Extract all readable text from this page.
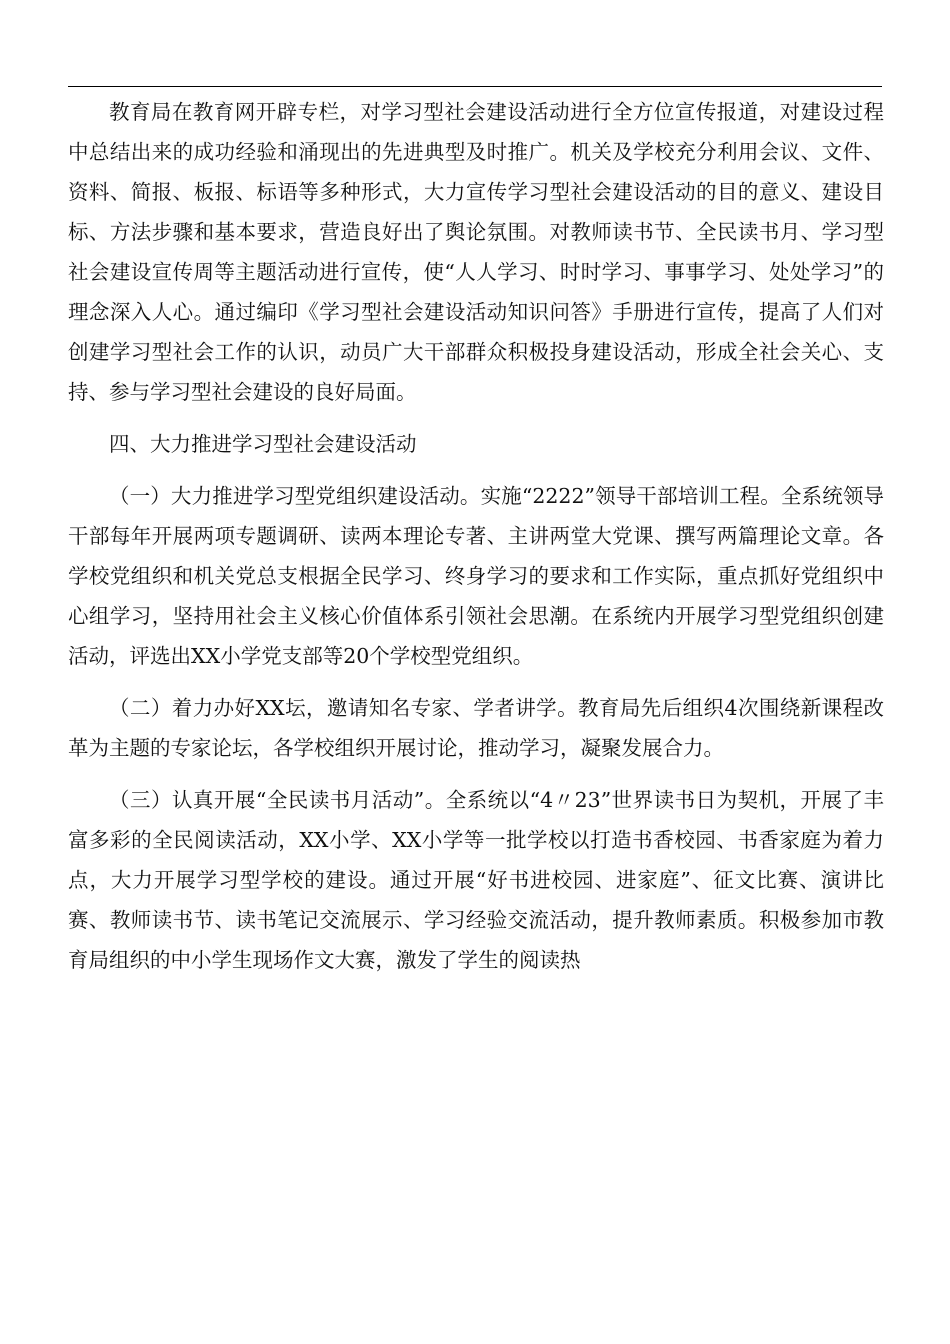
教育局在教育网开辟专栏，对学习型社会建设活动进行全方位宣传报道，对建设过程中总结出来的成功经验和涌现出的先进典型及时推广。机关及学校充分利用会议、文件、资料、简报、板报、标语等多种形式，大力宣传学习型社会建设活动的目的意义、建设目标、方法步骤和基本要求，营造良好出了舆论氛围。对教师读书节、全民读书月、学习型社会建设宣传周等主题活动进行宣传，使“人人学习、时时学习、事事学习、处处学习”的理念深入人心。通过编印《学习型社会建设活动知识问答》手册进行宣传，提高了人们对创建学习型社会工作的认识，动员广大干部群众积极投身建设活动，形成全社会关心、支持、参与学习型社会建设的良好局面。

四、大力推进学习型社会建设活动

（一）大力推进学习型党组织建设活动。实施“2222”领导干部培训工程。全系统领导干部每年开展两项专题调研、读两本理论专著、主讲两堂大党课、撰写两篇理论文章。各学校党组织和机关党总支根据全民学习、终身学习的要求和工作实际，重点抓好党组织中心组学习，坚持用社会主义核心价值体系引领社会思潮。在系统内开展学习型党组织创建活动，评选出XX小学党支部等20个学校型党组织。

（二）着力办好XX坛，邀请知名专家、学者讲学。教育局先后组织4次围绕新课程改革为主题的专家论坛，各学校组织开展讨论，推动学习，凝聚发展合力。

（三）认真开展“全民读书月活动”。全系统以“4〃23”世界读书日为契机，开展了丰富多彩的全民阅读活动，XX小学、XX小学等一批学校以打造书香校园、书香家庭为着力点，大力开展学习型学校的建设。通过开展“好书进校园、进家庭”、征文比赛、演讲比赛、教师读书节、读书笔记交流展示、学习经验交流活动，提升教师素质。积极参加市教育局组织的中小学生现场作文大赛，激发了学生的阅读热
